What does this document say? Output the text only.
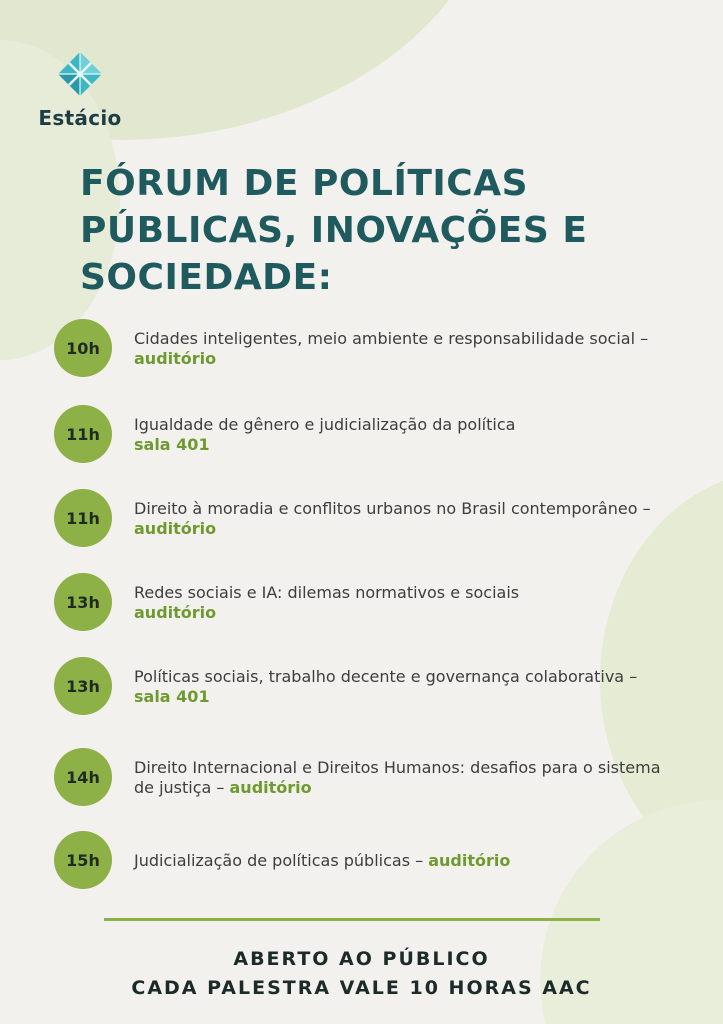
Estácio
FÓRUM DE POLÍTICAS PÚBLICAS, INOVAÇÕES E SOCIEDADE:
10h	Cidades inteligentes, meio ambiente e responsabilidade social – auditório
11h	Igualdade de gênero e judicialização da política
sala 401
11h	Direito à moradia e conflitos urbanos no Brasil contemporâneo – auditório
13h	Redes sociais e IA: dilemas normativos e sociais
auditório
13h	Políticas sociais, trabalho decente e governança colaborativa – sala 401
14h	Direito Internacional e Direitos Humanos: desafios para o sistema de justiça – auditório
15h	Judicialização de políticas públicas – auditório
ABERTO AO PÚBLICO
CADA PALESTRA VALE 10 HORAS AAC
